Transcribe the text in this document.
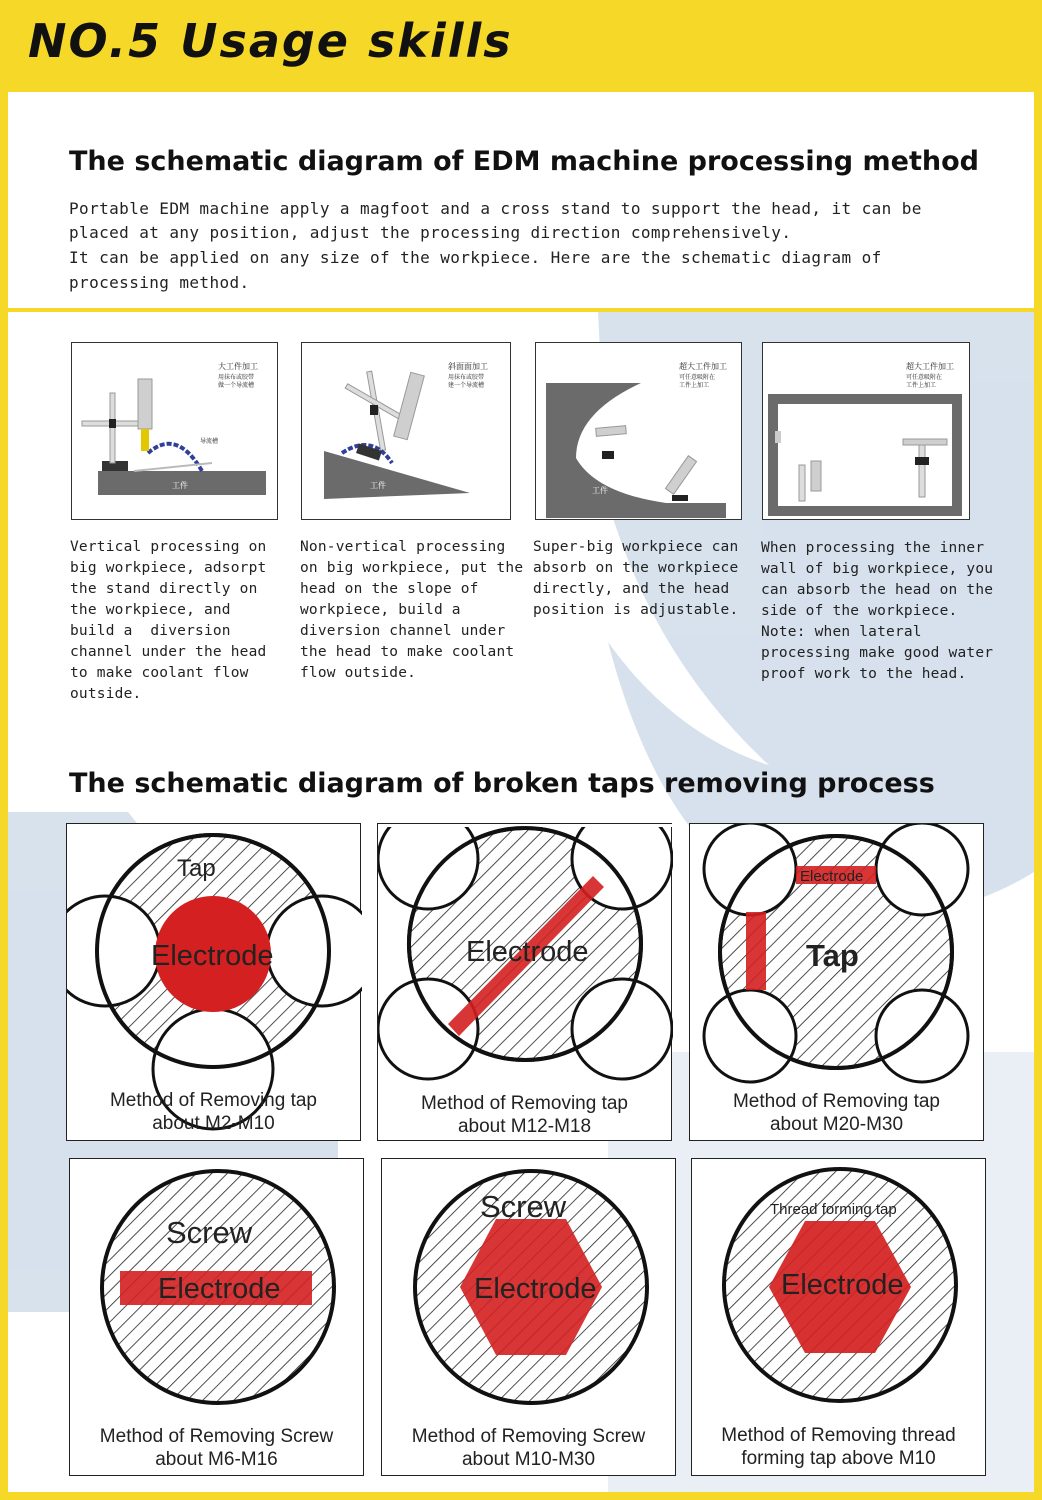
NO.5 Usage skills
The schematic diagram of EDM machine processing method
Portable EDM machine apply a magfoot and a cross stand to support the head, it can be
placed at any position, adjust the processing direction comprehensively.
It can be applied on any size of the workpiece. Here are the schematic diagram of
processing method.
大工件加工
用抹布或胶带
做一个导流槽
导流槽
工件
斜面面加工
用抹布或胶带
建一个导流槽
工件
超大工件加工
可任意吸附在
工件上加工
工件
超大工件加工
可任意吸附在
工件上加工
Vertical processing on
big workpiece, adsorpt
the stand directly on
the workpiece, and
build a  diversion
channel under the head
to make coolant flow
outside.
Non-vertical processing
on big workpiece, put the
head on the slope of
workpiece, build a
diversion channel under
the head to make coolant
flow outside.
Super-big workpiece can
absorb on the workpiece
directly, and the head
position is adjustable.
When processing the inner
wall of big workpiece, you
can absorb the head on the
side of the workpiece.
Note: when lateral
processing make good water
proof work to the head.
The schematic diagram of broken taps removing process
Tap
Electrode
Method of Removing tap
about M2-M10
Electrode
Method of Removing tap
about M12-M18
Electrode
Tap
Method of Removing tap
about M20-M30
Screw
Electrode
Method of Removing Screw
about M6-M16
Screw
Electrode
Method of Removing Screw
about M10-M30
Thread forming tap
Electrode
Method of Removing thread
forming tap above M10
